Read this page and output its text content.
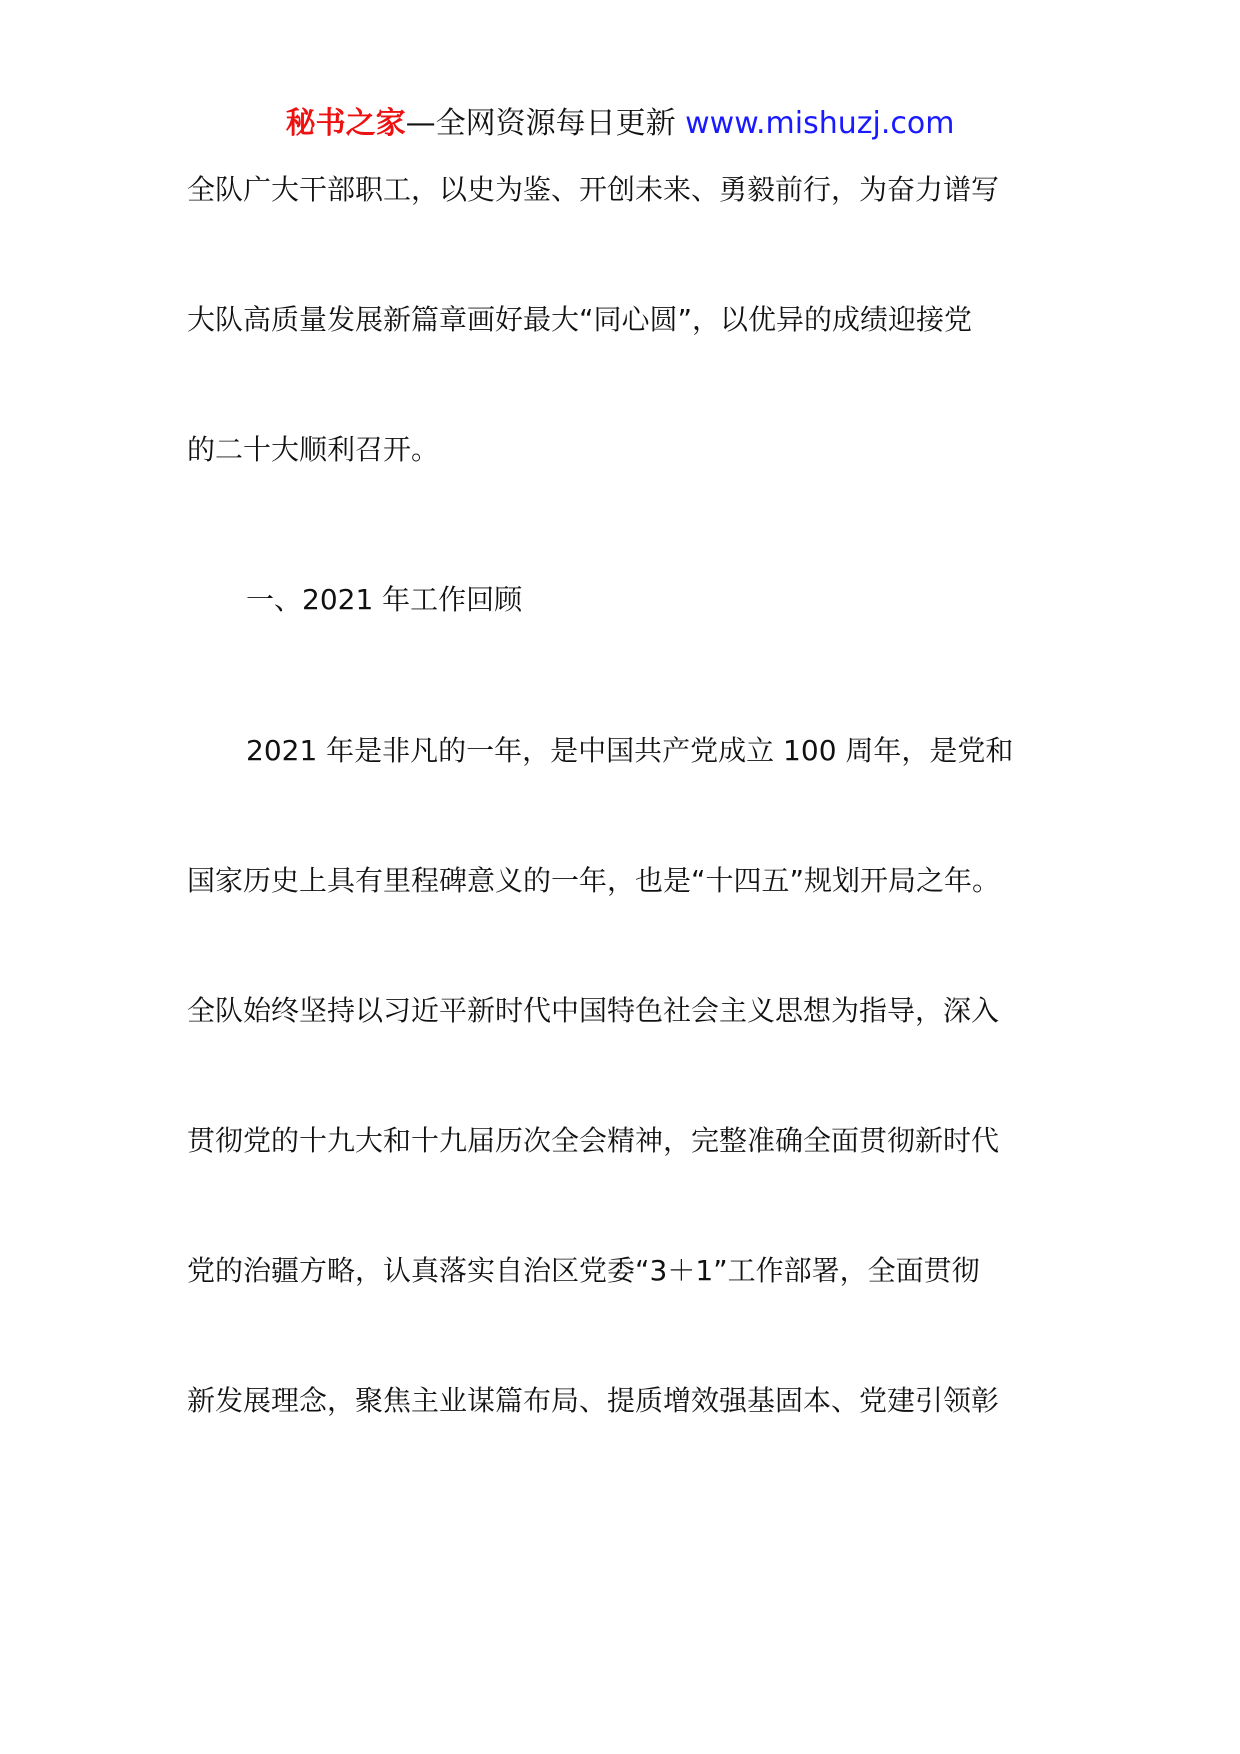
秘书之家—全网资源每日更新 www.mishuzj.com
全队广大干部职工，以史为鉴、开创未来、勇毅前行，为奋力谱写
大队高质量发展新篇章画好最大“同心圆”，以优异的成绩迎接党
的二十大顺利召开。
一、2021 年工作回顾
2021 年是非凡的一年，是中国共产党成立 100 周年，是党和
国家历史上具有里程碑意义的一年，也是“十四五”规划开局之年。
全队始终坚持以习近平新时代中国特色社会主义思想为指导，深入
贯彻党的十九大和十九届历次全会精神，完整准确全面贯彻新时代
党的治疆方略，认真落实自治区党委“3＋1”工作部署，全面贯彻
新发展理念，聚焦主业谋篇布局、提质增效强基固本、党建引领彰
